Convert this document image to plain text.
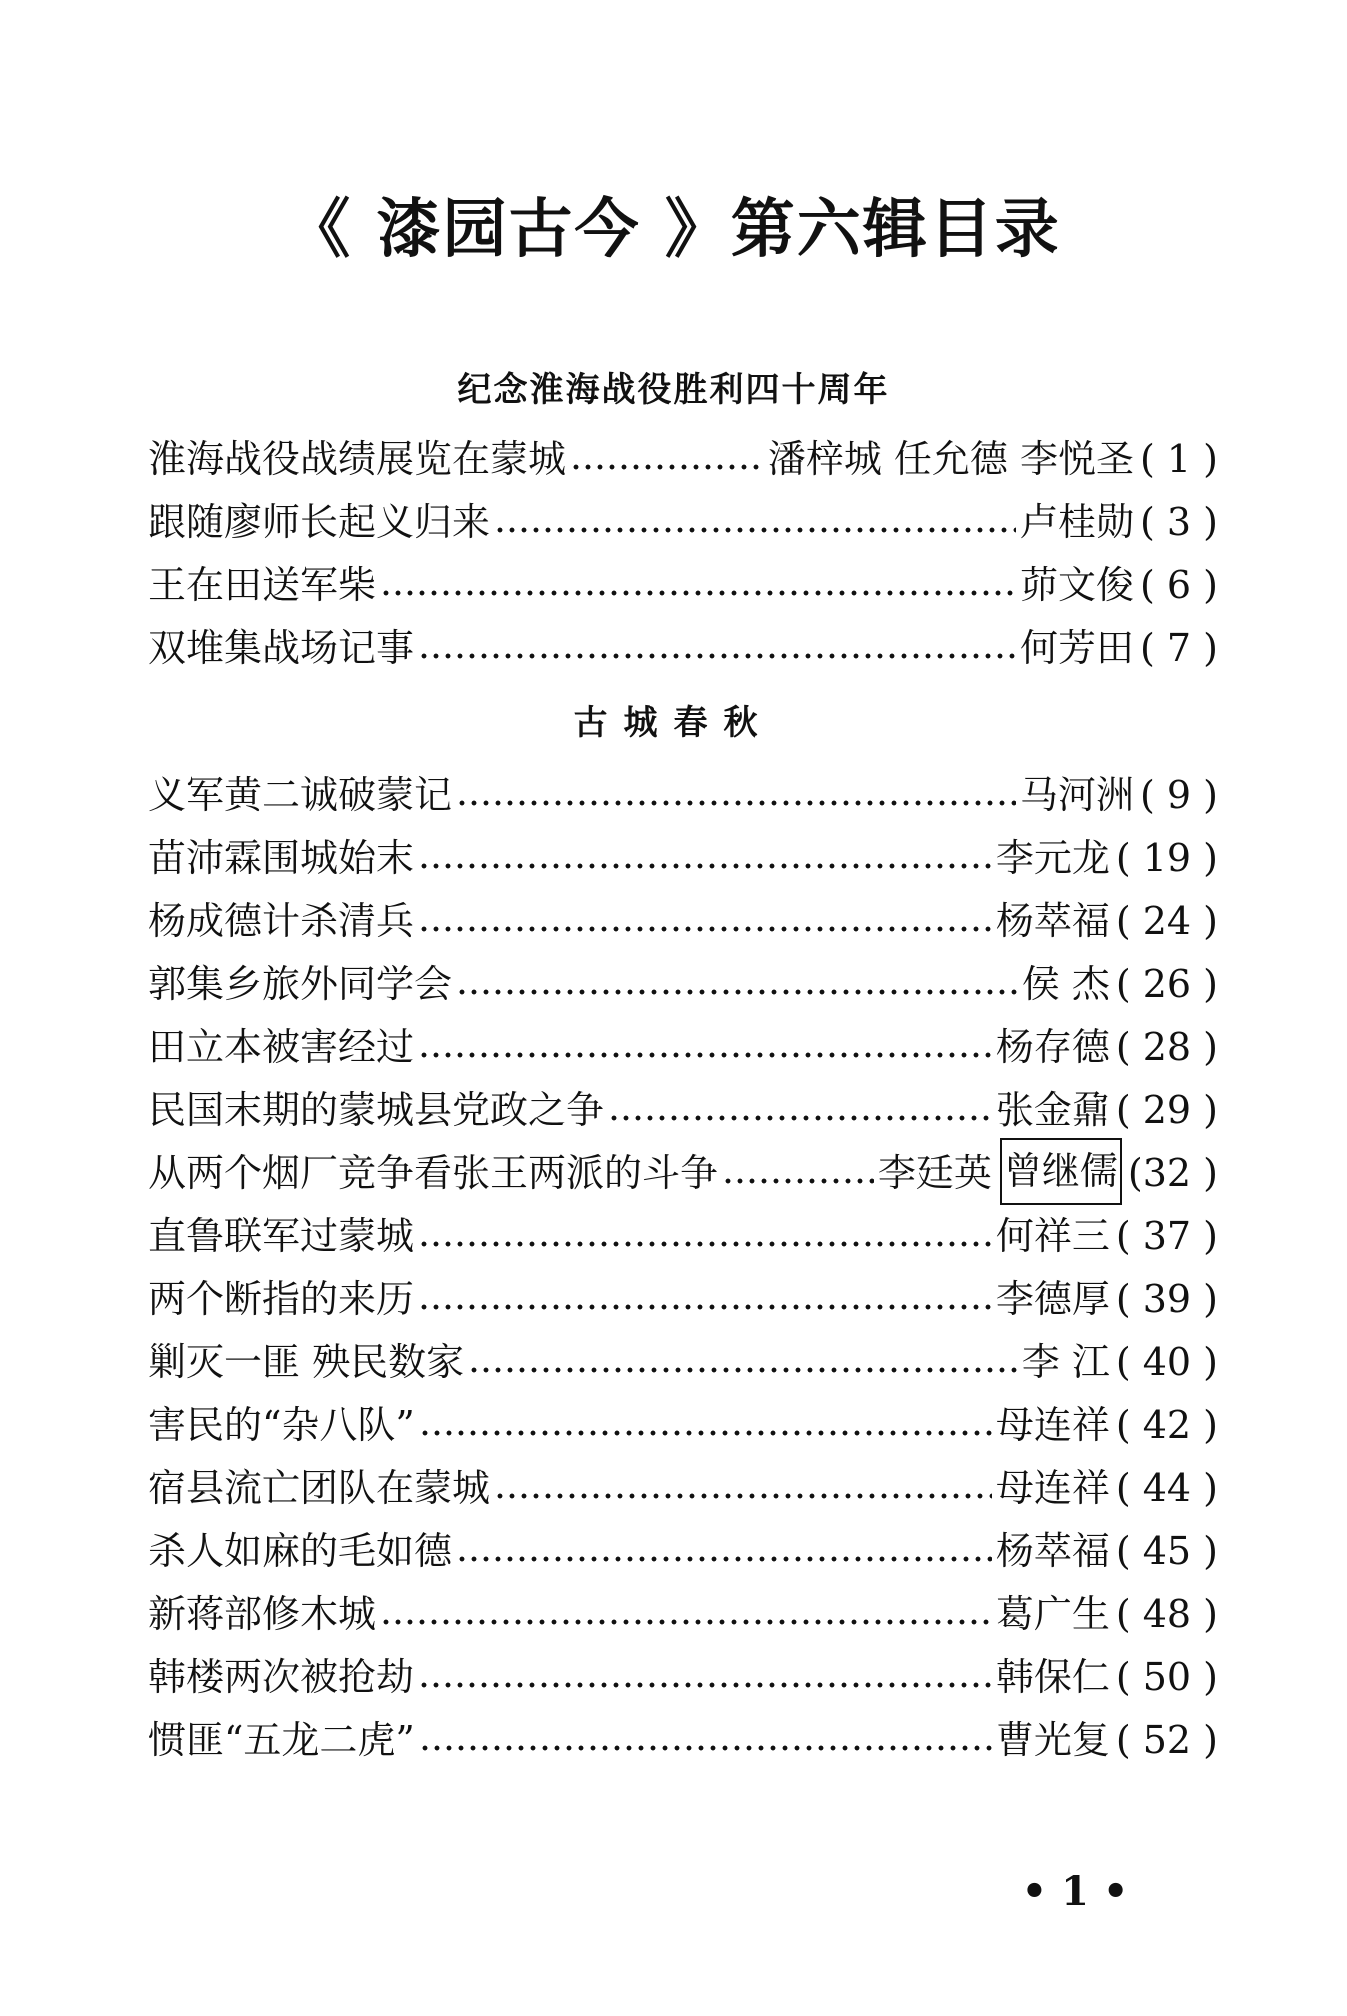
《 漆园古今 》第六辑目录
纪念淮海战役胜利四十周年
淮海战役战绩展览在蒙城	潘梓城 任允德 李悦圣 ( 1 )
跟随廖师长起义归来	卢桂勋 ( 3 )
王在田送军柴	茆文俊 ( 6 )
双堆集战场记事	何芳田 ( 7 )
古城春秋
义军黄二诚破蒙记	马河洲 ( 9 )
苗沛霖围城始末	李元龙 ( 19 )
杨成德计杀清兵	杨萃福 ( 24 )
郭集乡旅外同学会	侯 杰 ( 26 )
田立本被害经过	杨存德 ( 28 )
民国末期的蒙城县党政之争	张金鼐 ( 29 )
从两个烟厂竞争看张王两派的斗争	李廷英 曾继儒 (32 )
直鲁联军过蒙城	何祥三 ( 37 )
两个断指的来历	李德厚 ( 39 )
剿灭一匪 殃民数家	李 江 ( 40 )
害民的“杂八队”	母连祥 ( 42 )
宿县流亡团队在蒙城	母连祥 ( 44 )
杀人如麻的毛如德	杨萃福 ( 45 )
新蒋部修木城	葛广生 ( 48 )
韩楼两次被抢劫	韩保仁 ( 50 )
惯匪“五龙二虎”	曹光复 ( 52 )
• 1 •
